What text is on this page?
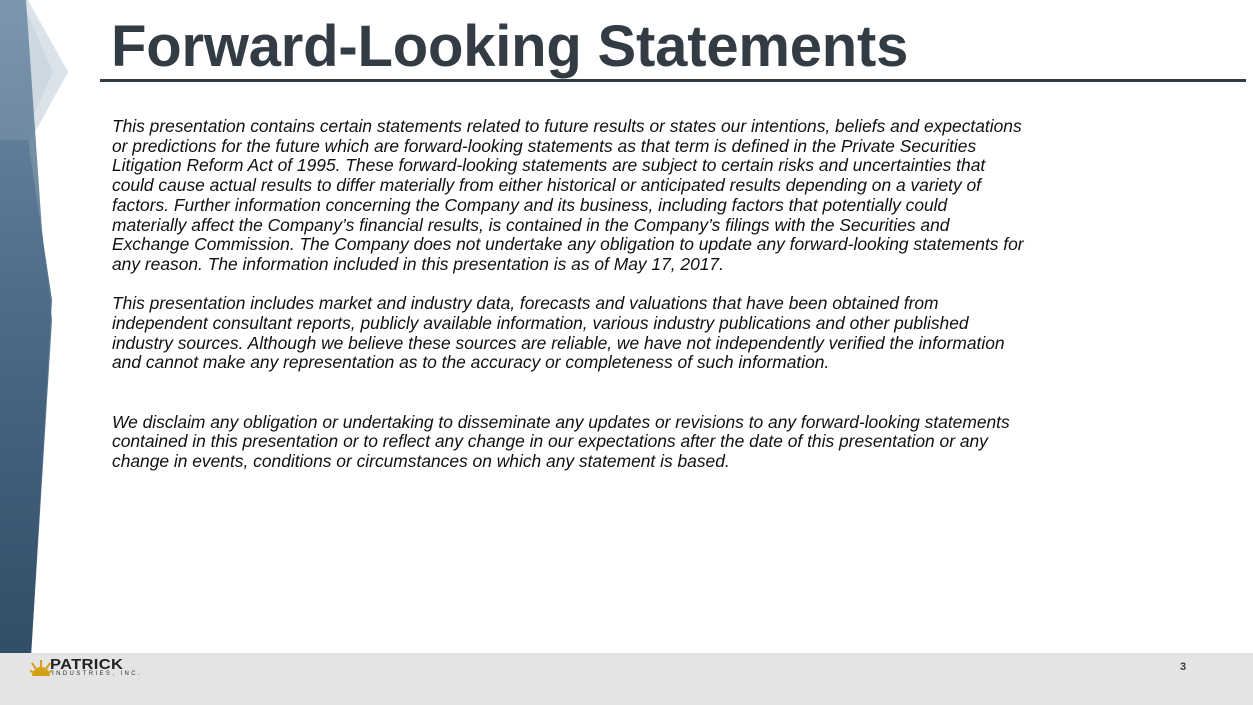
Forward-Looking Statements

This presentation contains certain statements related to future results or states our intentions, beliefs and expectations
or predictions for the future which are forward-looking statements as that term is defined in the Private Securities
Litigation Reform Act of 1995. These forward-looking statements are subject to certain risks and uncertainties that
could cause actual results to differ materially from either historical or anticipated results depending on a variety of
factors. Further information concerning the Company and its business, including factors that potentially could
materially affect the Company’s financial results, is contained in the Company’s filings with the Securities and
Exchange Commission. The Company does not undertake any obligation to update any forward-looking statements for
any reason. The information included in this presentation is as of May 17, 2017.

This presentation includes market and industry data, forecasts and valuations that have been obtained from
independent consultant reports, publicly available information, various industry publications and other published
industry sources. Although we believe these sources are reliable, we have not independently verified the information
and cannot make any representation as to the accuracy or completeness of such information.

We disclaim any obligation or undertaking to disseminate any updates or revisions to any forward-looking statements
contained in this presentation or to reflect any change in our expectations after the date of this presentation or any
change in events, conditions or circumstances on which any statement is based.

PATRICK
INDUSTRIES, INC.
3
